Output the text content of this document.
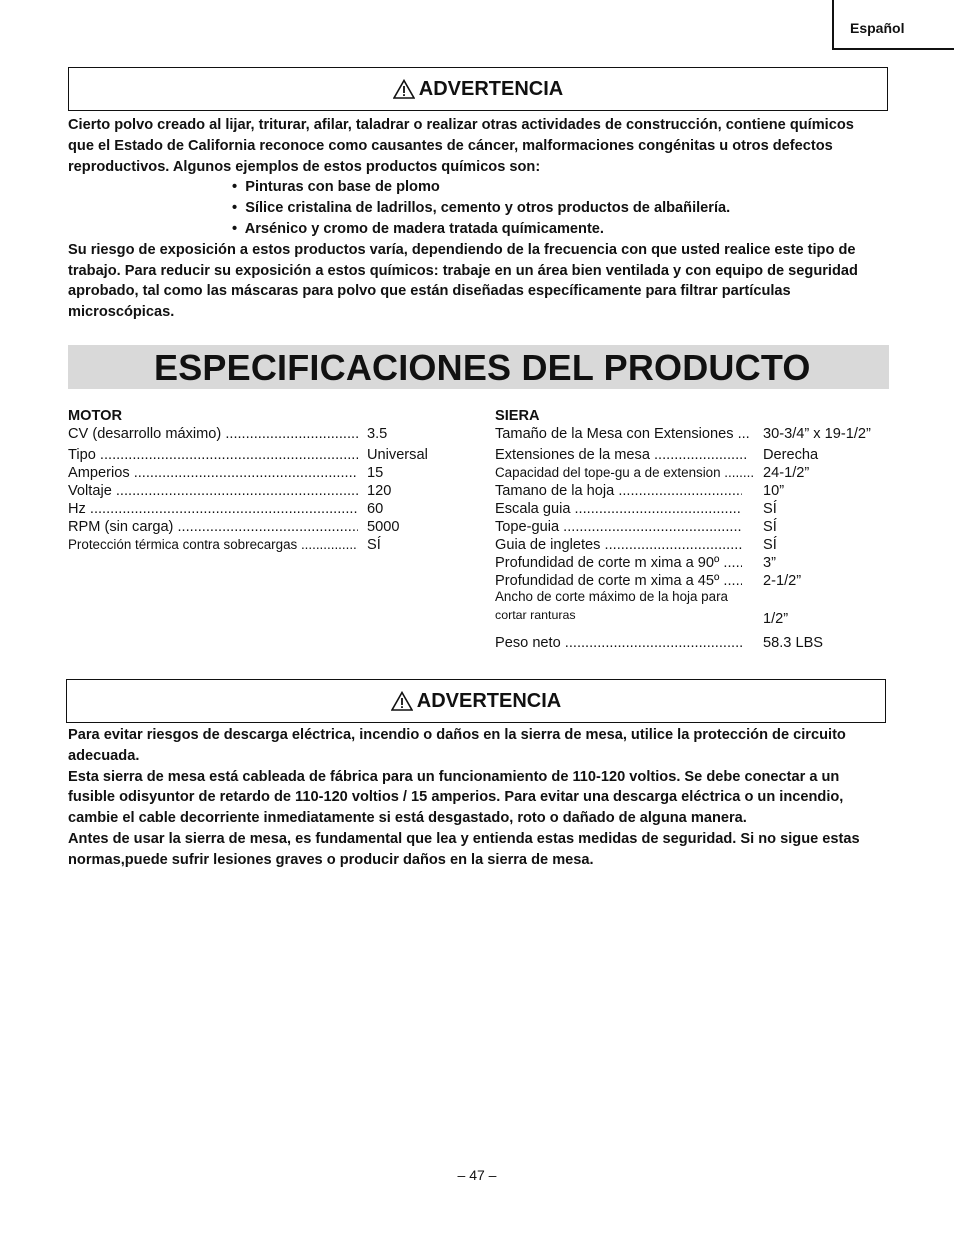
Español
ADVERTENCIA

Cierto polvo creado al lijar, triturar, afilar, taladrar o realizar otras actividades de construcción, contiene químicos que el Estado de California reconoce como causantes de cáncer, malformaciones congénitas u otros defectos reproductivos. Algunos ejemplos de estos productos químicos son:

• Pinturas con base de plomo
• Sílice cristalina de ladrillos, cemento y otros productos de albañilería.
• Arsénico y cromo de madera tratada químicamente.

Su riesgo de exposición a estos productos varía, dependiendo de la frecuencia con que usted realice este tipo de trabajo. Para reducir su exposición a estos químicos: trabaje en un área bien ventilada y con equipo de seguridad aprobado, tal como las máscaras para polvo que están diseñadas específicamente para filtrar partículas microscópicas.

ESPECIFICACIONES DEL PRODUCTO
MOTOR
CV (desarrollo máximo) .....	3.5
Tipo .....	Universal
Amperios .....	15
Voltaje .....	120
Hz .....	60
RPM (sin carga) .....	5000
Protección térmica contra sobrecargas .....	SÍ
SIERA
Tamaño de la Mesa con Extensiones .....	30-3/4” x 19-1/2”
Extensiones de la mesa .....	Derecha
Capacidad del tope-gu a de extension .....	24-1/2”
Tamano de la hoja .....	10”
Escala guia .....	SÍ
Tope-guia .....	SÍ
Guia de ingletes .....	SÍ
Profundidad de corte m xima a 90º .....	3”
Profundidad de corte m xima a 45º .....	2-1/2”
Ancho de corte máximo de la hoja para
cortar ranturas	1/2”
Peso neto .....	58.3 LBS
ADVERTENCIA

Para evitar riesgos de descarga eléctrica, incendio o daños en la sierra de mesa, utilice la protección de circuito adecuada.

Esta sierra de mesa está cableada de fábrica para un funcionamiento de 110-120 voltios. Se debe conectar a un fusible odisyuntor de retardo de 110-120 voltios / 15 amperios. Para evitar una descarga eléctrica o un incendio, cambie el cable decorriente inmediatamente si está desgastado, roto o dañado de alguna manera.

Antes de usar la sierra de mesa, es fundamental que lea y entienda estas medidas de seguridad. Si no sigue estas normas,puede sufrir lesiones graves o producir daños en la sierra de mesa.

– 47 –
